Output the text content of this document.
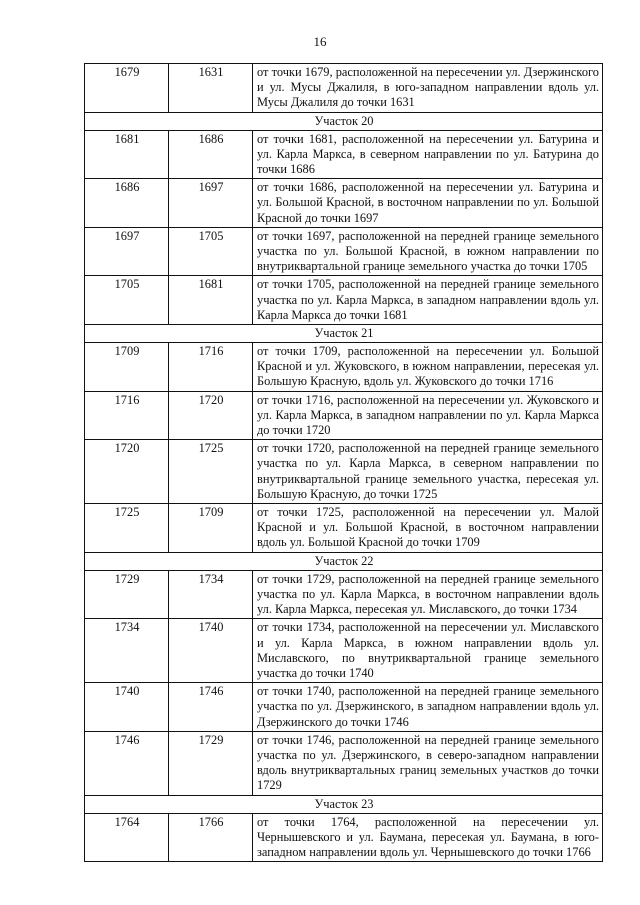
16
1679	1631	от точки 1679, расположенной на пересечении ул. Дзержинского и ул. Мусы Джалиля, в юго-западном направлении вдоль ул. Мусы Джалиля до точки 1631
Участок 20		
1681	1686	от точки 1681, расположенной на пересечении ул. Батурина и ул. Карла Маркса, в северном направлении по ул. Батурина до точки 1686
1686	1697	от точки 1686, расположенной на пересечении ул. Батурина и ул. Большой Красной, в восточном направлении по ул. Большой Красной до точки 1697
1697	1705	от точки 1697, расположенной на передней границе земельного участка по ул. Большой Красной, в южном направлении по внутриквартальной границе земельного участка до точки 1705
1705	1681	от точки 1705, расположенной на передней границе земельного участка по ул. Карла Маркса, в западном направлении вдоль ул. Карла Маркса до точки 1681
Участок 21		
1709	1716	от точки 1709, расположенной на пересечении ул. Большой Красной и ул. Жуковского, в южном направлении, пересекая ул. Большую Красную, вдоль ул. Жуковского до точки 1716
1716	1720	от точки 1716, расположенной на пересечении ул. Жуковского и ул. Карла Маркса, в западном направлении по ул. Карла Маркса до точки 1720
1720	1725	от точки 1720, расположенной на передней границе земельного участка по ул. Карла Маркса, в северном направлении по внутриквартальной границе земельного участка, пересекая ул. Большую Красную, до точки 1725
1725	1709	от точки 1725, расположенной на пересечении ул. Малой Красной и ул. Большой Красной, в восточном направлении вдоль ул. Большой Красной до точки 1709
Участок 22		
1729	1734	от точки 1729, расположенной на передней границе земельного участка по ул. Карла Маркса, в восточном направлении вдоль ул. Карла Маркса, пересекая ул. Миславского, до точки 1734
1734	1740	от точки 1734, расположенной на пересечении ул. Миславского и ул. Карла Маркса, в южном направлении вдоль ул. Миславского, по внутриквартальной границе земельного участка до точки 1740
1740	1746	от точки 1740, расположенной на передней границе земельного участка по ул. Дзержинского, в западном направлении вдоль ул. Дзержинского до точки 1746
1746	1729	от точки 1746, расположенной на передней границе земельного участка по ул. Дзержинского, в северо-западном направлении вдоль внутриквартальных границ земельных участков до точки 1729
Участок 23		
1764	1766	от точки 1764, расположенной на пересечении ул. Чернышевского и ул. Баумана, пересекая ул. Баумана, в юго-западном направлении вдоль ул. Чернышевского до точки 1766
